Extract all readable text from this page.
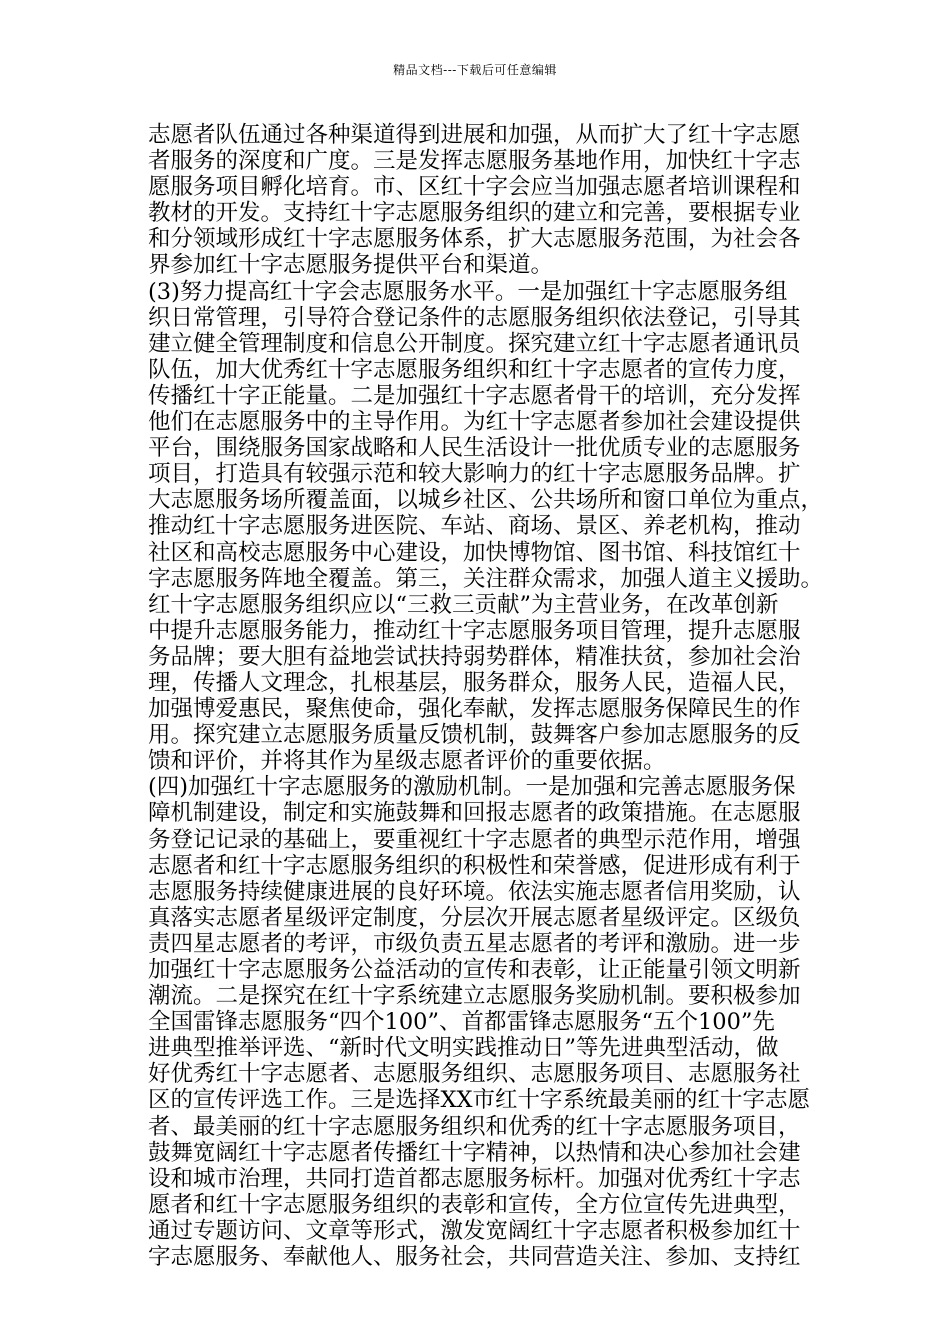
精品文档---下载后可任意编辑
志愿者队伍通过各种渠道得到进展和加强，从而扩大了红十字志愿
者服务的深度和广度。三是发挥志愿服务基地作用，加快红十字志
愿服务项目孵化培育。市、区红十字会应当加强志愿者培训课程和
教材的开发。支持红十字志愿服务组织的建立和完善，要根据专业
和分领域形成红十字志愿服务体系，扩大志愿服务范围，为社会各
界参加红十字志愿服务提供平台和渠道。
(3)努力提高红十字会志愿服务水平。一是加强红十字志愿服务组
织日常管理，引导符合登记条件的志愿服务组织依法登记，引导其
建立健全管理制度和信息公开制度。探究建立红十字志愿者通讯员
队伍，加大优秀红十字志愿服务组织和红十字志愿者的宣传力度，
传播红十字正能量。二是加强红十字志愿者骨干的培训，充分发挥
他们在志愿服务中的主导作用。为红十字志愿者参加社会建设提供
平台，围绕服务国家战略和人民生活设计一批优质专业的志愿服务
项目，打造具有较强示范和较大影响力的红十字志愿服务品牌。扩
大志愿服务场所覆盖面，以城乡社区、公共场所和窗口单位为重点，
推动红十字志愿服务进医院、车站、商场、景区、养老机构，推动
社区和高校志愿服务中心建设，加快博物馆、图书馆、科技馆红十
字志愿服务阵地全覆盖。第三，关注群众需求，加强人道主义援助。
红十字志愿服务组织应以“三救三贡献”为主营业务，在改革创新
中提升志愿服务能力，推动红十字志愿服务项目管理，提升志愿服
务品牌；要大胆有益地尝试扶持弱势群体，精准扶贫，参加社会治
理，传播人文理念，扎根基层，服务群众，服务人民，造福人民，
加强博爱惠民，聚焦使命，强化奉献，发挥志愿服务保障民生的作
用。探究建立志愿服务质量反馈机制，鼓舞客户参加志愿服务的反
馈和评价，并将其作为星级志愿者评价的重要依据。
(四)加强红十字志愿服务的激励机制。一是加强和完善志愿服务保
障机制建设，制定和实施鼓舞和回报志愿者的政策措施。在志愿服
务登记记录的基础上，要重视红十字志愿者的典型示范作用，增强
志愿者和红十字志愿服务组织的积极性和荣誉感，促进形成有利于
志愿服务持续健康进展的良好环境。依法实施志愿者信用奖励，认
真落实志愿者星级评定制度，分层次开展志愿者星级评定。区级负
责四星志愿者的考评，市级负责五星志愿者的考评和激励。进一步
加强红十字志愿服务公益活动的宣传和表彰，让正能量引领文明新
潮流。二是探究在红十字系统建立志愿服务奖励机制。要积极参加
全国雷锋志愿服务“四个100”、首都雷锋志愿服务“五个100”先
进典型推举评选、“新时代文明实践推动日”等先进典型活动，做
好优秀红十字志愿者、志愿服务组织、志愿服务项目、志愿服务社
区的宣传评选工作。三是选择XX市红十字系统最美丽的红十字志愿
者、最美丽的红十字志愿服务组织和优秀的红十字志愿服务项目，
鼓舞宽阔红十字志愿者传播红十字精神，以热情和决心参加社会建
设和城市治理，共同打造首都志愿服务标杆。加强对优秀红十字志
愿者和红十字志愿服务组织的表彰和宣传，全方位宣传先进典型，
通过专题访问、文章等形式，激发宽阔红十字志愿者积极参加红十
字志愿服务、奉献他人、服务社会，共同营造关注、参加、支持红
